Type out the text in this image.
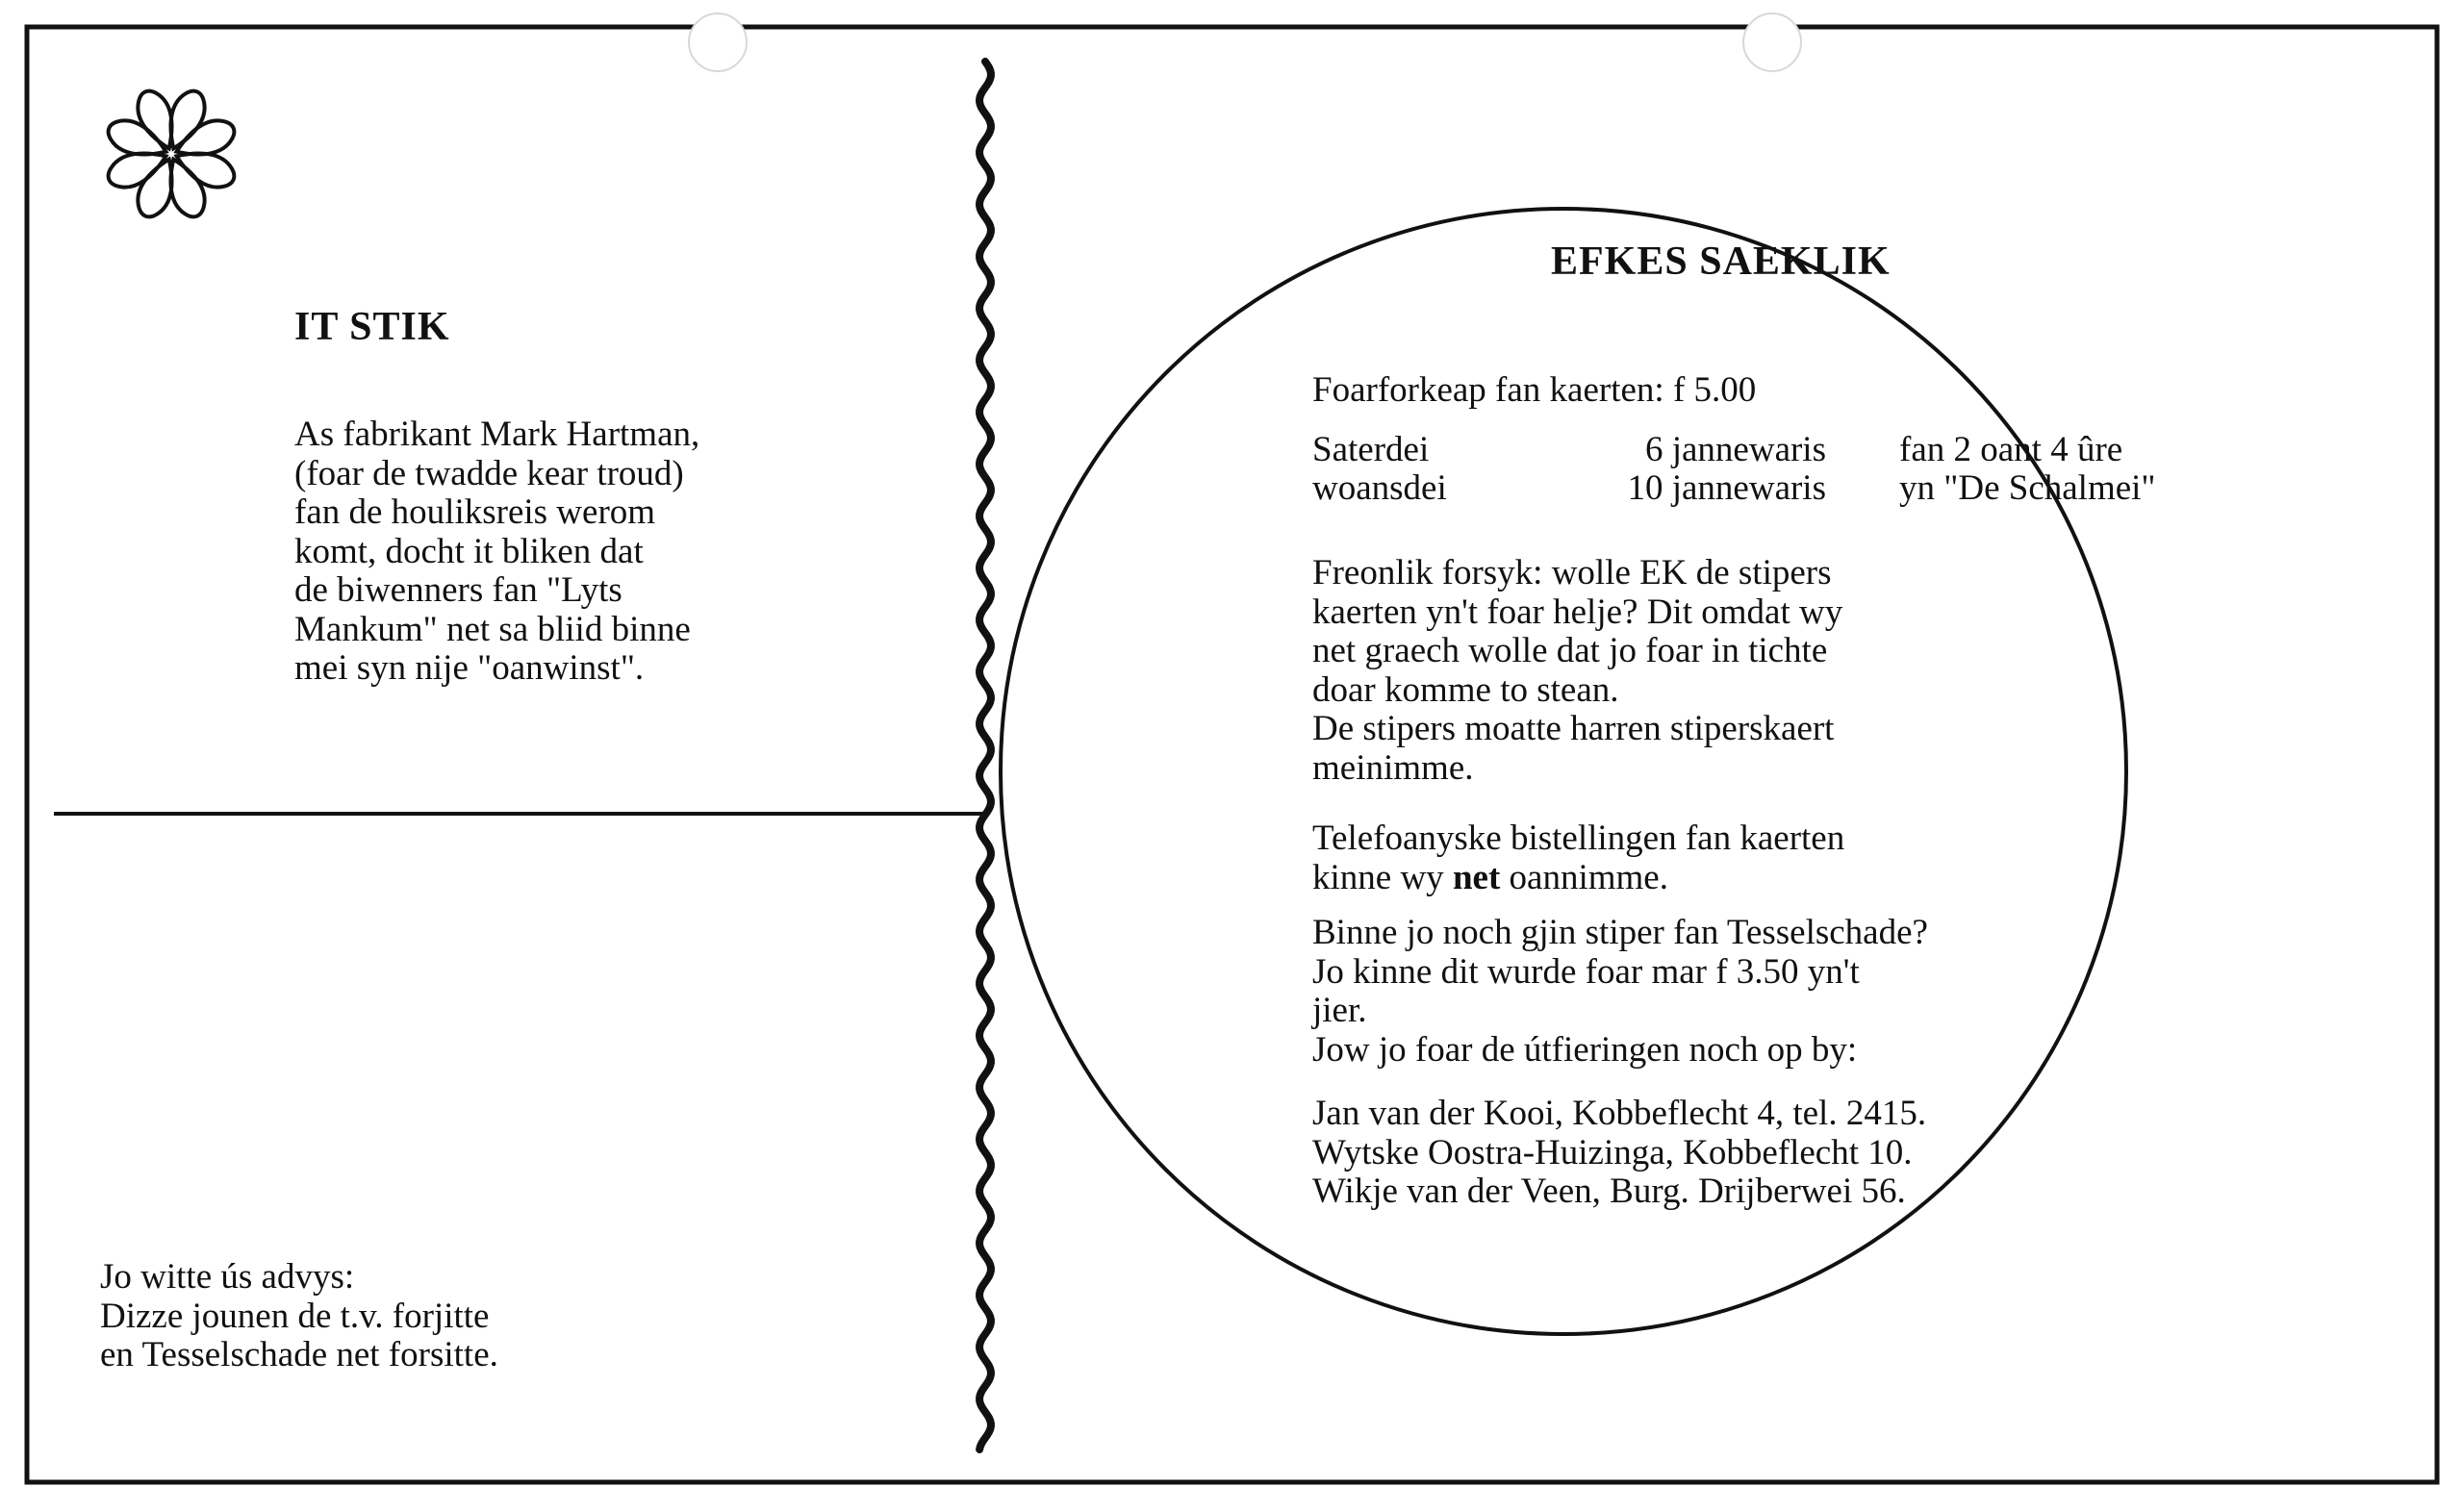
IT STIK
As fabrikant Mark Hartman,
(foar de twadde kear troud)
fan de houliksreis werom
komt, docht it bliken dat
de biwenners fan "Lyts
Mankum" net sa bliid binne
mei syn nije "oanwinst".
Jo witte ús advys:
Dizze jounen de t.v. forjitte
en Tesselschade net forsitte.
EFKES SAEKLIK
Foarforkeap fan kaerten: f 5.00
Saterdei	6 jannewaris	fan 2 oant 4 ûre
woansdei	10 jannewaris	yn "De Schalmei"
Freonlik forsyk: wolle EK de stipers
kaerten yn't foar helje? Dit omdat wy
net graech wolle dat jo foar in tichte
doar komme to stean.
De stipers moatte harren stiperskaert
meinimme.
Telefoanyske bistellingen fan kaerten
kinne wy net oannimme.
Binne jo noch gjin stiper fan Tesselschade?
Jo kinne dit wurde foar mar f 3.50 yn't
jier.
Jow jo foar de útfieringen noch op by:
Jan van der Kooi, Kobbeflecht 4, tel. 2415.
Wytske Oostra-Huizinga, Kobbeflecht 10.
Wikje van der Veen, Burg. Drijberwei 56.
